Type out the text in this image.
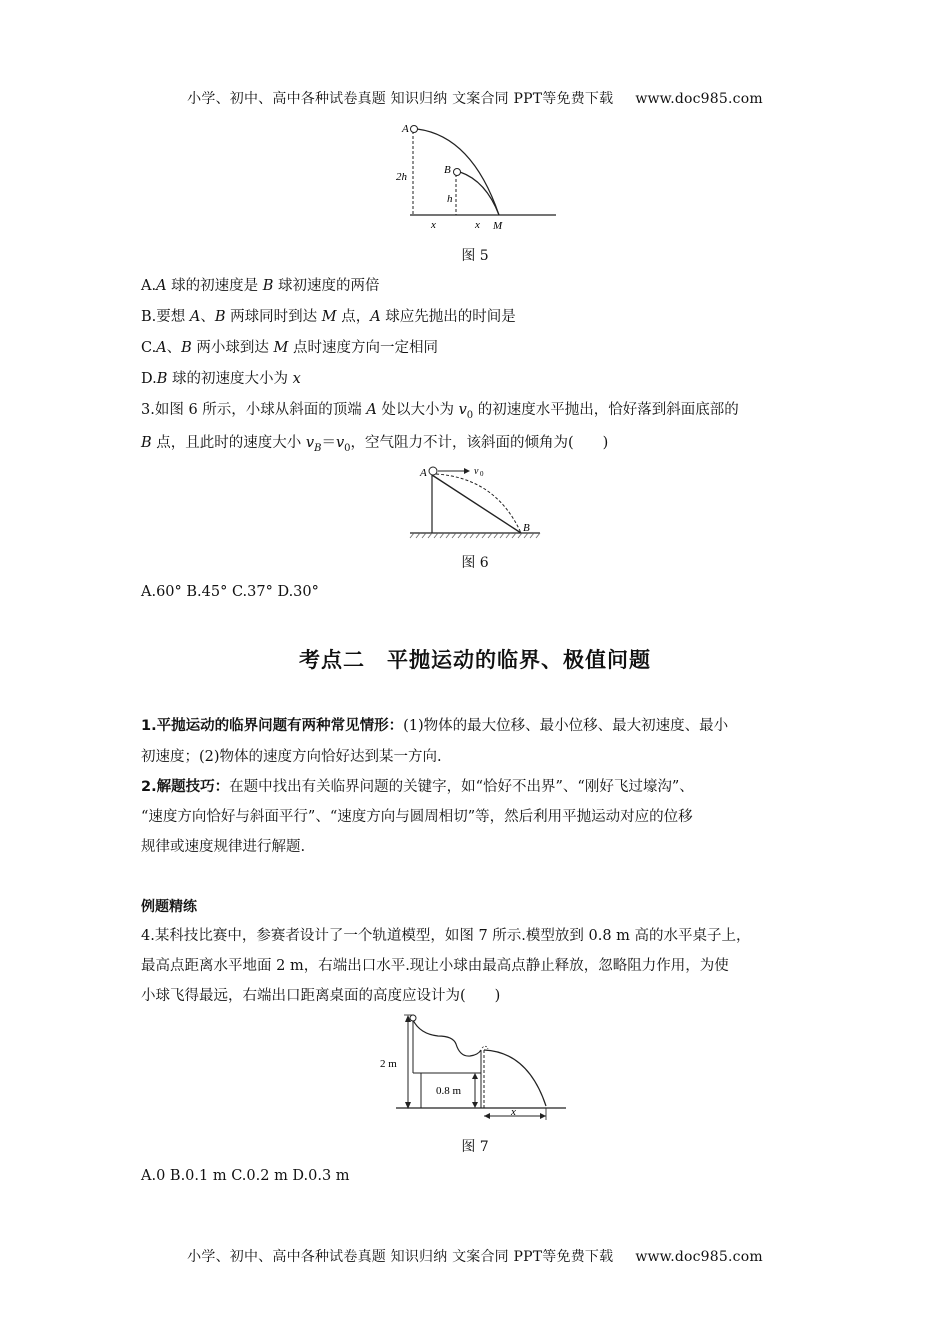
小学、初中、高中各种试卷真题 知识归纳 文案合同 PPT等免费下载 www.doc985.com
A
B
2h
h
x	x M
图 5
A.A 球的初速度是 B 球初速度的两倍
B.要想 A、B 两球同时到达 M 点，A 球应先抛出的时间是
C.A、B 两小球到达 M 点时速度方向一定相同
D.B 球的初速度大小为 x
3.如图 6 所示，小球从斜面的顶端 A 处以大小为 $v_0$ 的初速度水平抛出，恰好落到斜面底部的
B 点，且此时的速度大小 $v_B=v_0$，空气阻力不计，该斜面的倾角为(　　)
A	v 0
B
图 6
A.60° B.45° C.37° D.30°
考点二　平抛运动的临界、极值问题
1.平抛运动的临界问题有两种常见情形：(1)物体的最大位移、最小位移、最大初速度、最小
初速度；(2)物体的速度方向恰好达到某一方向.
2.解题技巧：在题中找出有关临界问题的关键字，如“恰好不出界”、“刚好飞过壕沟”、
“速度方向恰好与斜面平行”、“速度方向与圆周相切”等，然后利用平抛运动对应的位移
规律或速度规律进行解题.
例题精练
4.某科技比赛中，参赛者设计了一个轨道模型，如图 7 所示.模型放到 0.8 m 高的水平桌子上，
最高点距离水平地面 2 m，右端出口水平.现让小球由最高点静止释放，忽略阻力作用，为使
小球飞得最远，右端出口距离桌面的高度应设计为(　　)
2 m
0.8 m
x
图 7
A.0 B.0.1 m C.0.2 m D.0.3 m
小学、初中、高中各种试卷真题 知识归纳 文案合同 PPT等免费下载 www.doc985.com
